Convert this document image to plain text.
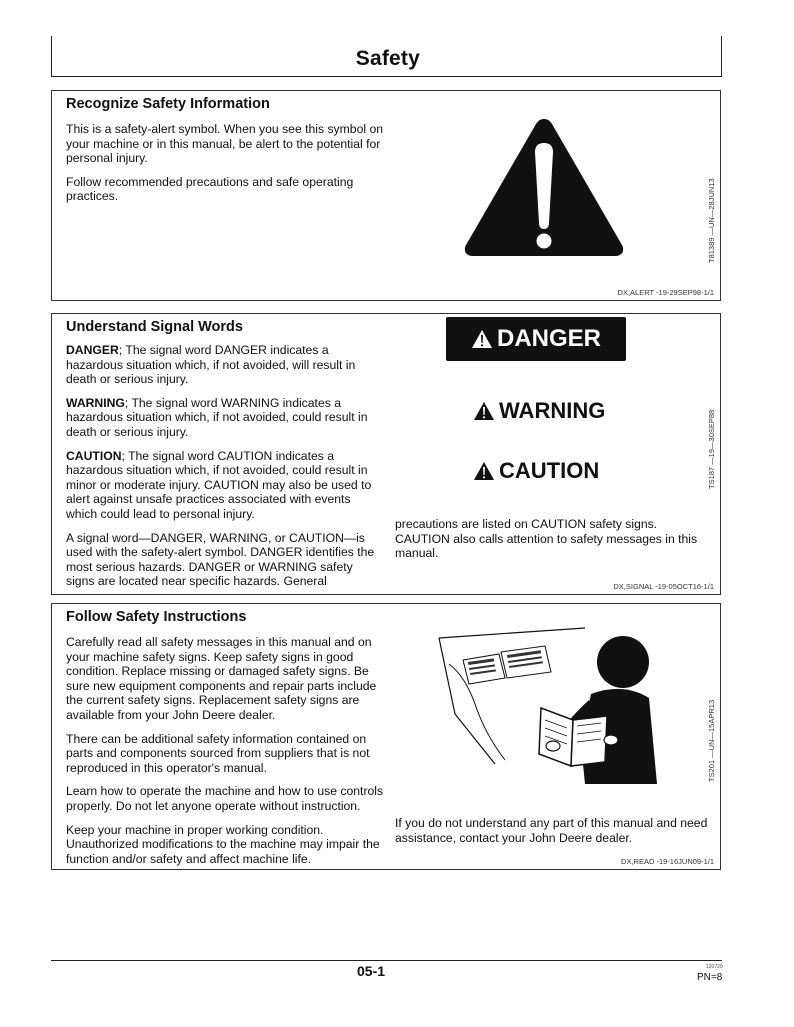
Safety
Recognize Safety Information

This is a safety-alert symbol. When you see this symbol on your machine or in this manual, be alert to the potential for personal injury.

Follow recommended precautions and safe operating practices.	T81389 —UN—28JUN13
DX,ALERT -19-29SEP98-1/1
Understand Signal Words

DANGER; The signal word DANGER indicates a hazardous situation which, if not avoided, will result in death or serious injury.

WARNING; The signal word WARNING indicates a hazardous situation which, if not avoided, could result in death or serious injury.

CAUTION; The signal word CAUTION indicates a hazardous situation which, if not avoided, could result in minor or moderate injury. CAUTION may also be used to alert against unsafe practices associated with events which could lead to personal injury.

A signal word—DANGER, WARNING, or CAUTION—is used with the safety-alert symbol. DANGER identifies the most serious hazards. DANGER or WARNING safety signs are located near specific hazards. General

DANGER
WARNING
CAUTION

precautions are listed on CAUTION safety signs. CAUTION also calls attention to safety messages in this manual.

TS187 —19—30SEP88
DX,SIGNAL -19-05OCT16-1/1
Follow Safety Instructions

Carefully read all safety messages in this manual and on your machine safety signs. Keep safety signs in good condition. Replace missing or damaged safety signs. Be sure new equipment components and repair parts include the current safety signs. Replacement safety signs are available from your John Deere dealer.

There can be additional safety information contained on parts and components sourced from suppliers that is not reproduced in this operator's manual.

Learn how to operate the machine and how to use controls properly. Do not let anyone operate without instruction.

Keep your machine in proper working condition. Unauthorized modifications to the machine may impair the function and/or safety and affect machine life.

If you do not understand any part of this manual and need assistance, contact your John Deere dealer.

TS201 —UN—15APR13
DX,READ -19-16JUN09-1/1
05-1	120720
PN=8
